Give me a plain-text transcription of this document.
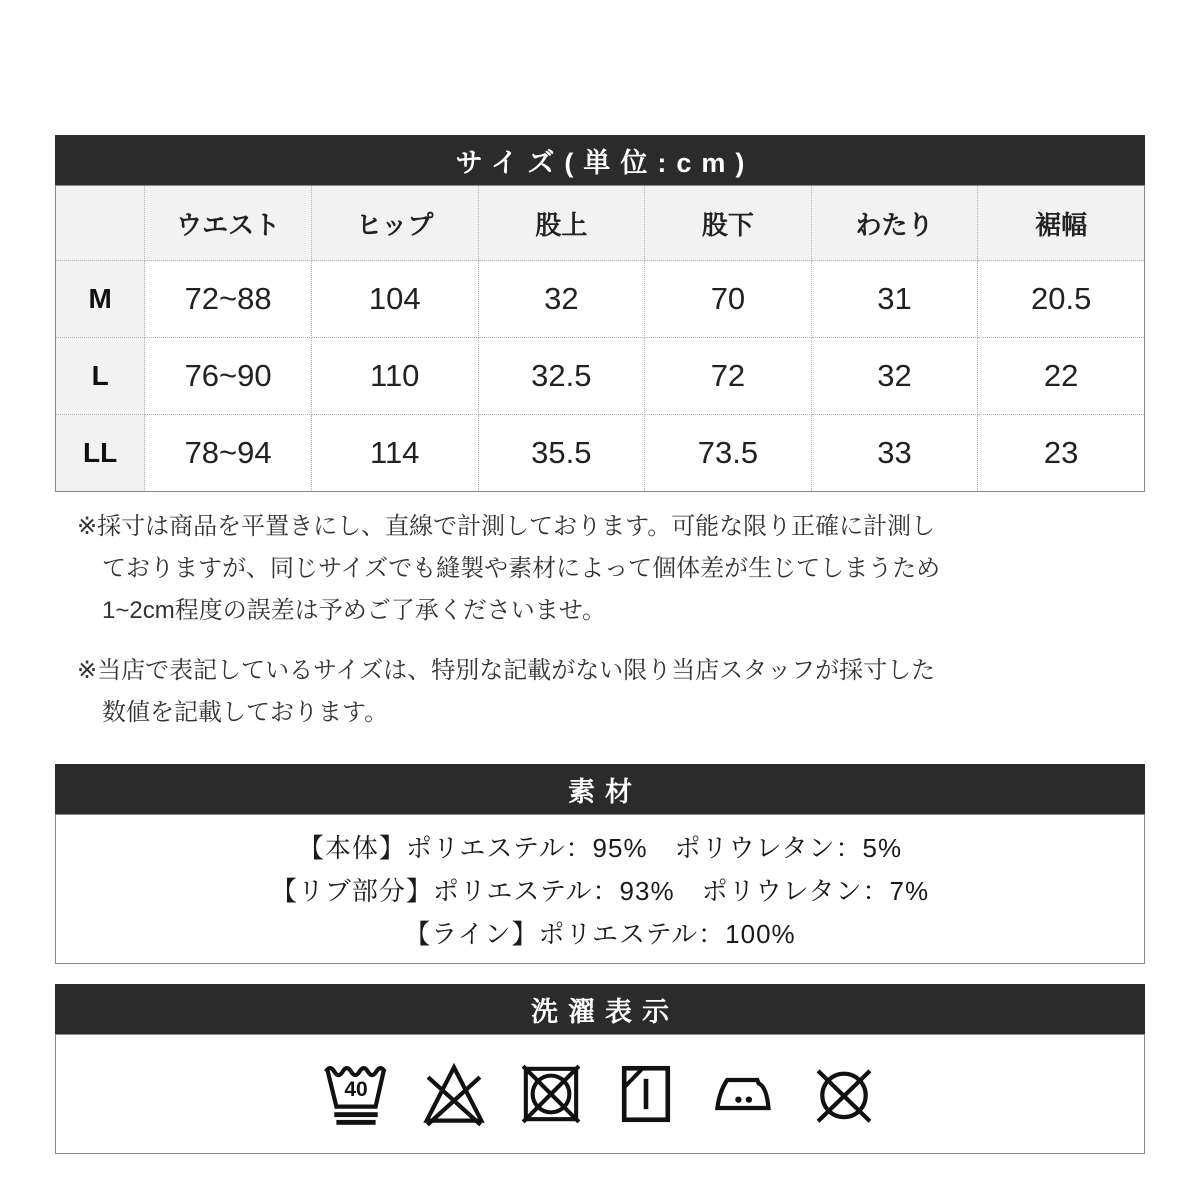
サイズ(単位:cm)
	ウエスト	ヒップ	股上	股下	わたり	裾幅
M	72~88	104	32	70	31	20.5
L	76~90	110	32.5	72	32	22
LL	78~94	114	35.5	73.5	33	23
※採寸は商品を平置きにし、直線で計測しております。可能な限り正確に計測し
ておりますが、同じサイズでも縫製や素材によって個体差が生じてしまうため
1~2cm程度の誤差は予めご了承くださいませ。
※当店で表記しているサイズは、特別な記載がない限り当店スタッフが採寸した
数値を記載しております。
素材
【本体】ポリエステル：95%　ポリウレタン：5%
【リブ部分】ポリエステル：93%　ポリウレタン：7%
【ライン】ポリエステル：100%
洗濯表示
40
